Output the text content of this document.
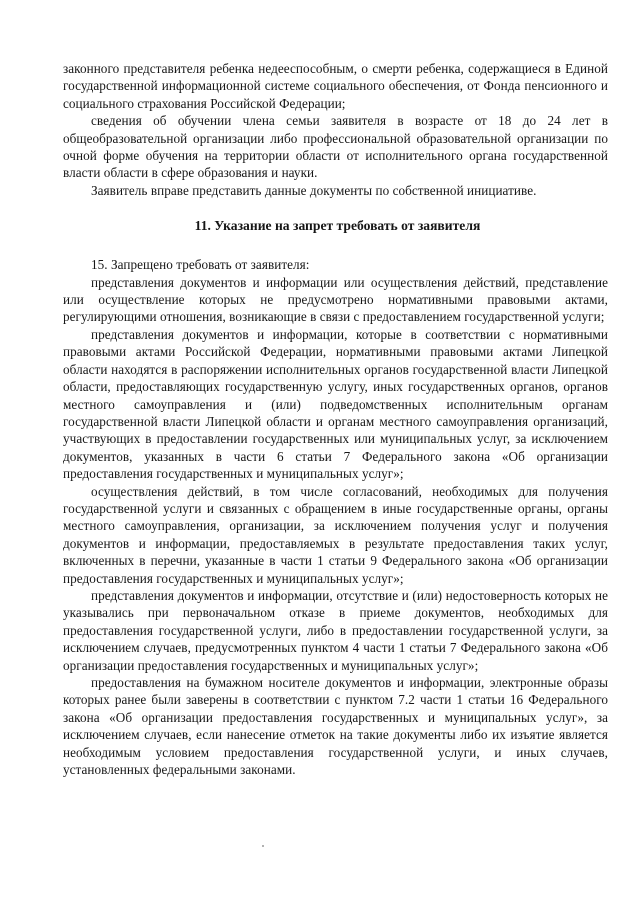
законного представителя ребенка недееспособным, о смерти ребенка, содержащиеся в Единой государственной информационной системе социального обеспечения, от Фонда пенсионного и социального страхования Российской Федерации;

сведения об обучении члена семьи заявителя в возрасте от 18 до 24 лет в общеобразовательной организации либо профессиональной образовательной организации по очной форме обучения на территории области от исполнительного органа государственной власти области в сфере образования и науки.

Заявитель вправе представить данные документы по собственной инициативе.

11. Указание на запрет требовать от заявителя

15. Запрещено требовать от заявителя:

представления документов и информации или осуществления действий, представление или осуществление которых не предусмотрено нормативными правовыми актами, регулирующими отношения, возникающие в связи с предоставлением государственной услуги;

представления документов и информации, которые в соответствии с нормативными правовыми актами Российской Федерации, нормативными правовыми актами Липецкой области находятся в распоряжении исполнительных органов государственной власти Липецкой области, предоставляющих государственную услугу, иных государственных органов, органов местного самоуправления и (или) подведомственных исполнительным органам государственной власти Липецкой области и органам местного самоуправления организаций, участвующих в предоставлении государственных или муниципальных услуг, за исключением документов, указанных в части 6 статьи 7 Федерального закона «Об организации предоставления государственных и муниципальных услуг»;

осуществления действий, в том числе согласований, необходимых для получения государственной услуги и связанных с обращением в иные государственные органы, органы местного самоуправления, организации, за исключением получения услуг и получения документов и информации, предоставляемых в результате предоставления таких услуг, включенных в перечни, указанные в части 1 статьи 9 Федерального закона «Об организации предоставления государственных и муниципальных услуг»;

представления документов и информации, отсутствие и (или) недостоверность которых не указывались при первоначальном отказе в приеме документов, необходимых для предоставления государственной услуги, либо в предоставлении государственной услуги, за исключением случаев, предусмотренных пунктом 4 части 1 статьи 7 Федерального закона «Об организации предоставления государственных и муниципальных услуг»;

предоставления на бумажном носителе документов и информации, электронные образы которых ранее были заверены в соответствии с пунктом 7.2 части 1 статьи 16 Федерального закона «Об организации предоставления государственных и муниципальных услуг», за исключением случаев, если нанесение отметок на такие документы либо их изъятие является необходимым условием предоставления государственной услуги, и иных случаев, установленных федеральными законами.
